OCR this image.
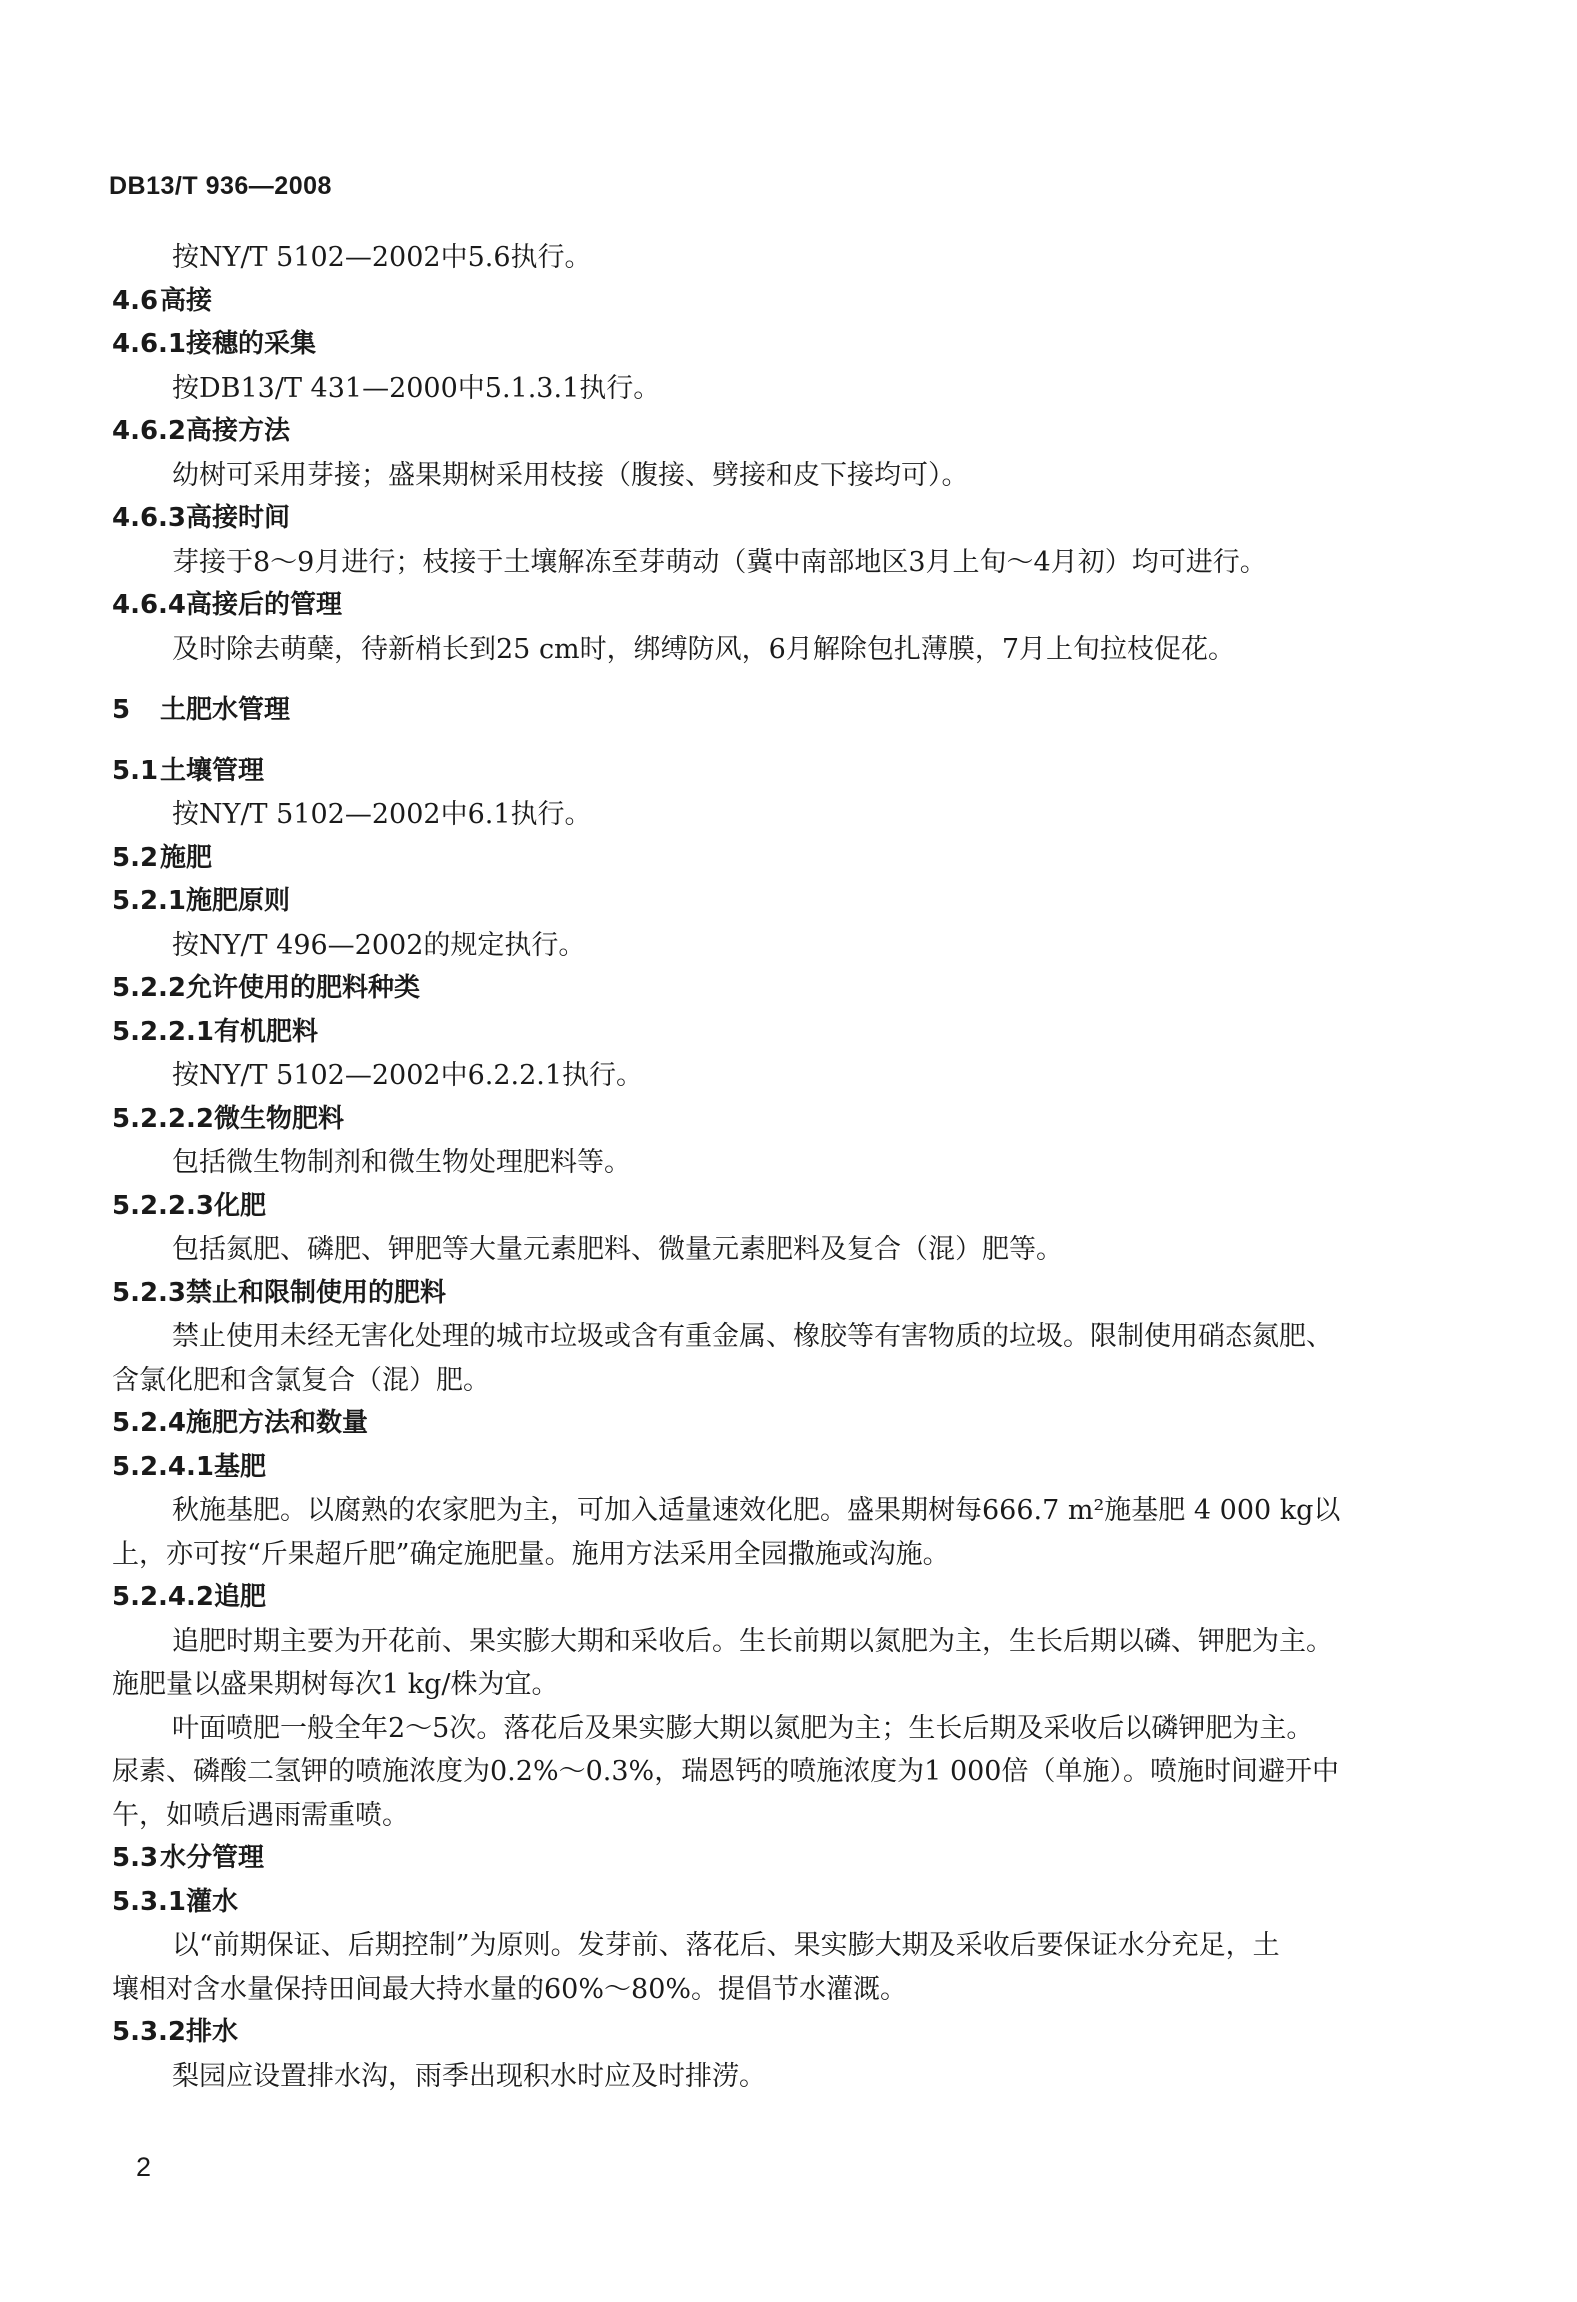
DB13/T 936—2008
按NY/T 5102—2002中5.6执行。
4.6高接
4.6.1接穗的采集
按DB13/T 431—2000中5.1.3.1执行。
4.6.2高接方法
幼树可采用芽接；盛果期树采用枝接（腹接、劈接和皮下接均可）。
4.6.3高接时间
芽接于8～9月进行；枝接于土壤解冻至芽萌动（冀中南部地区3月上旬～4月初）均可进行。
4.6.4高接后的管理
及时除去萌蘖，待新梢长到25 cm时，绑缚防风，6月解除包扎薄膜，7月上旬拉枝促花。
5 土肥水管理
5.1土壤管理
按NY/T 5102—2002中6.1执行。
5.2施肥
5.2.1施肥原则
按NY/T 496—2002的规定执行。
5.2.2允许使用的肥料种类
5.2.2.1有机肥料
按NY/T 5102—2002中6.2.2.1执行。
5.2.2.2微生物肥料
包括微生物制剂和微生物处理肥料等。
5.2.2.3化肥
包括氮肥、磷肥、钾肥等大量元素肥料、微量元素肥料及复合（混）肥等。
5.2.3禁止和限制使用的肥料
禁止使用未经无害化处理的城市垃圾或含有重金属、橡胶等有害物质的垃圾。限制使用硝态氮肥、
含氯化肥和含氯复合（混）肥。
5.2.4施肥方法和数量
5.2.4.1基肥
秋施基肥。以腐熟的农家肥为主，可加入适量速效化肥。盛果期树每666.7 m²施基肥 4 000 kg以
上，亦可按“斤果超斤肥”确定施肥量。施用方法采用全园撒施或沟施。
5.2.4.2追肥
追肥时期主要为开花前、果实膨大期和采收后。生长前期以氮肥为主，生长后期以磷、钾肥为主。
施肥量以盛果期树每次1 kg/株为宜。
叶面喷肥一般全年2～5次。落花后及果实膨大期以氮肥为主；生长后期及采收后以磷钾肥为主。
尿素、磷酸二氢钾的喷施浓度为0.2%～0.3%，瑞恩钙的喷施浓度为1 000倍（单施）。喷施时间避开中
午，如喷后遇雨需重喷。
5.3水分管理
5.3.1灌水
以“前期保证、后期控制”为原则。发芽前、落花后、果实膨大期及采收后要保证水分充足，土
壤相对含水量保持田间最大持水量的60%～80%。提倡节水灌溉。
5.3.2排水
梨园应设置排水沟，雨季出现积水时应及时排涝。
2
